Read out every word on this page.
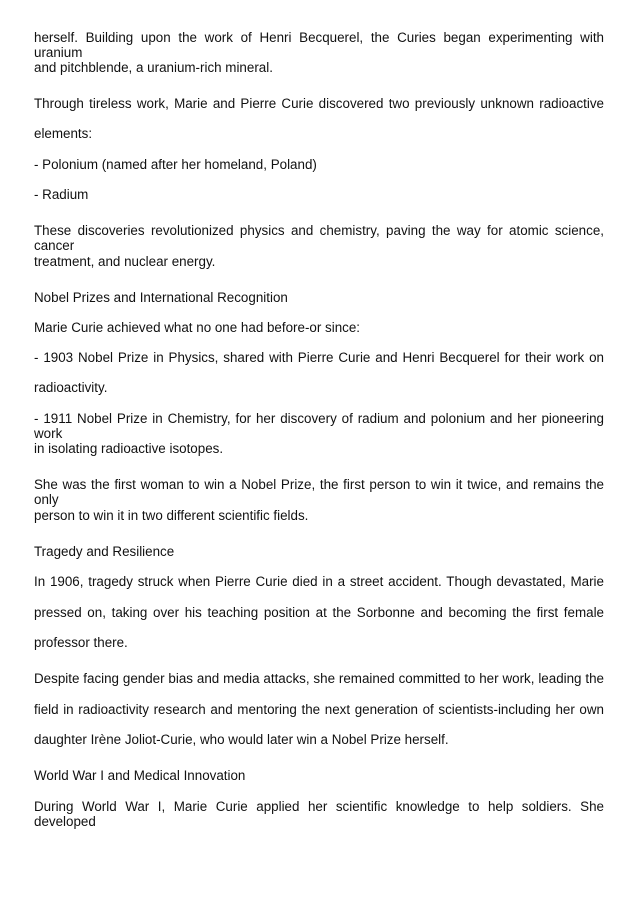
herself. Building upon the work of Henri Becquerel, the Curies began experimenting with uranium
and pitchblende, a uranium-rich mineral.
Through tireless work, Marie and Pierre Curie discovered two previously unknown radioactive
elements:
- Polonium (named after her homeland, Poland)
- Radium
These discoveries revolutionized physics and chemistry, paving the way for atomic science, cancer
treatment, and nuclear energy.
Nobel Prizes and International Recognition
Marie Curie achieved what no one had before-or since:
- 1903 Nobel Prize in Physics, shared with Pierre Curie and Henri Becquerel for their work on
radioactivity.
- 1911 Nobel Prize in Chemistry, for her discovery of radium and polonium and her pioneering work
in isolating radioactive isotopes.
She was the first woman to win a Nobel Prize, the first person to win it twice, and remains the only
person to win it in two different scientific fields.
Tragedy and Resilience
In 1906, tragedy struck when Pierre Curie died in a street accident. Though devastated, Marie
pressed on, taking over his teaching position at the Sorbonne and becoming the first female
professor there.
Despite facing gender bias and media attacks, she remained committed to her work, leading the
field in radioactivity research and mentoring the next generation of scientists-including her own
daughter Irène Joliot-Curie, who would later win a Nobel Prize herself.
World War I and Medical Innovation
During World War I, Marie Curie applied her scientific knowledge to help soldiers. She developed
